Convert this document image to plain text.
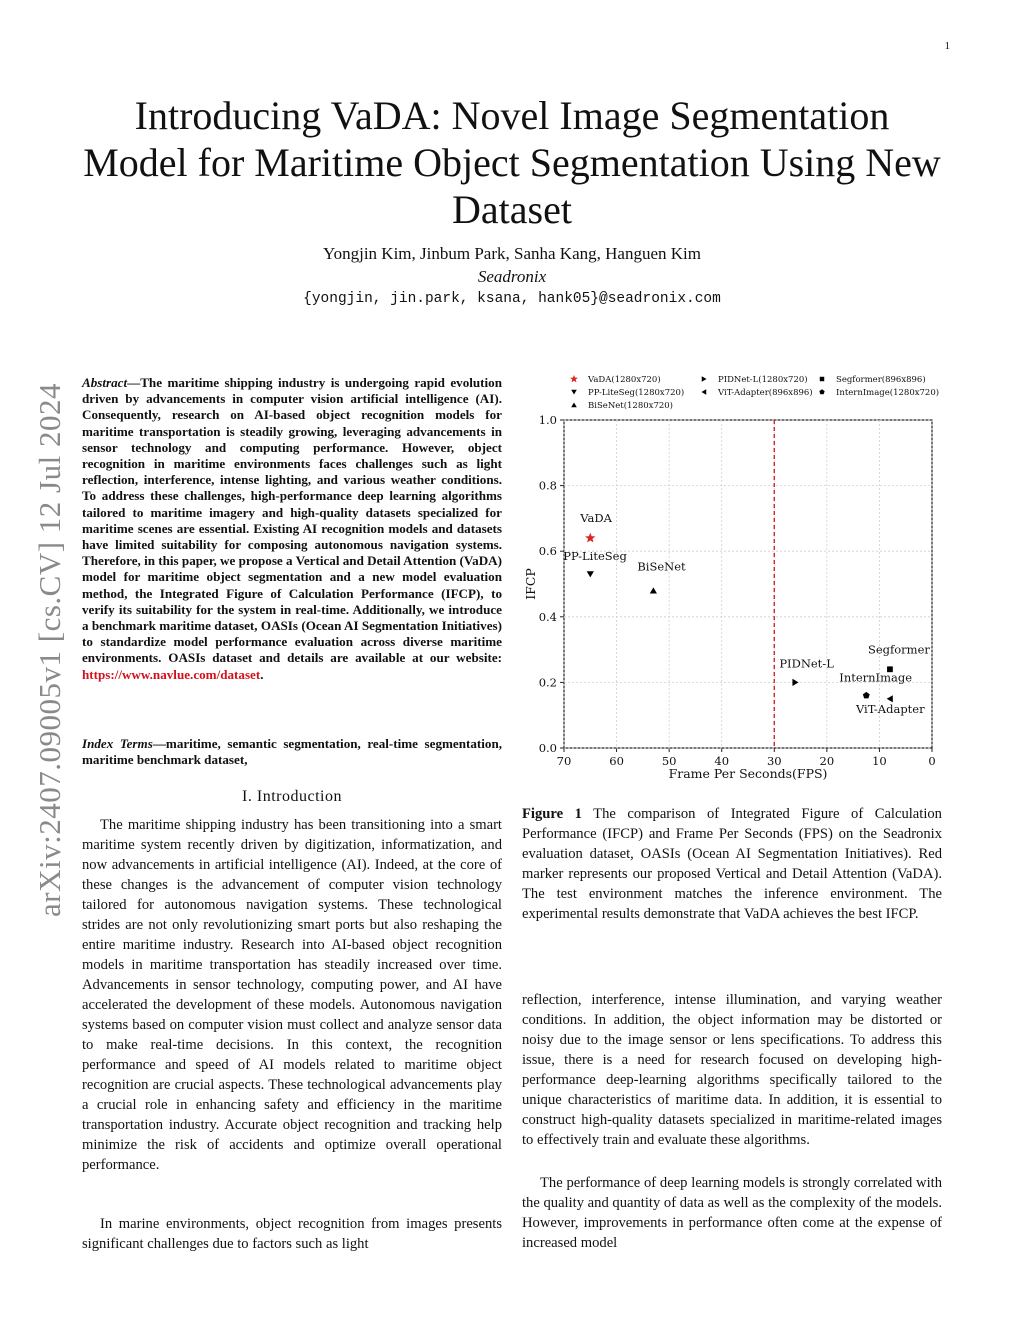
1
arXiv:2407.09005v1 [cs.CV] 12 Jul 2024
Introducing VaDA: Novel Image Segmentation Model for Maritime Object Segmentation Using New Dataset
Yongjin Kim, Jinbum Park, Sanha Kang, Hanguen Kim
Seadronix
{yongjin, jin.park, ksana, hank05}@seadronix.com
Abstract—The maritime shipping industry is undergoing rapid evolution driven by advancements in computer vision artificial intelligence (AI). Consequently, research on AI-based object recognition models for maritime transportation is steadily growing, leveraging advancements in sensor technology and computing performance. However, object recognition in maritime environments faces challenges such as light reflection, interference, intense lighting, and various weather conditions. To address these challenges, high-performance deep learning algorithms tailored to maritime imagery and high-quality datasets specialized for maritime scenes are essential. Existing AI recognition models and datasets have limited suitability for composing autonomous navigation systems. Therefore, in this paper, we propose a Vertical and Detail Attention (VaDA) model for maritime object segmentation and a new model evaluation method, the Integrated Figure of Calculation Performance (IFCP), to verify its suitability for the system in real-time. Additionally, we introduce a benchmark maritime dataset, OASIs (Ocean AI Segmentation Initiatives) to standardize model performance evaluation across diverse maritime environments. OASIs dataset and details are available at our website: https://www.navlue.com/dataset.
Index Terms—maritime, semantic segmentation, real-time segmentation, maritime benchmark dataset,
I. Introduction

The maritime shipping industry has been transitioning into a smart maritime system recently driven by digitization, informatization, and now advancements in artificial intelligence (AI). Indeed, at the core of these changes is the advancement of computer vision technology tailored for autonomous navigation systems. These technological strides are not only revolutionizing smart ports but also reshaping the entire maritime industry. Research into AI-based object recognition models in maritime transportation has steadily increased over time. Advancements in sensor technology, computing power, and AI have accelerated the development of these models. Autonomous navigation systems based on computer vision must collect and analyze sensor data to make real-time decisions. In this context, the recognition performance and speed of AI models related to maritime object recognition are crucial aspects. These technological advancements play a crucial role in enhancing safety and efficiency in the maritime transportation industry. Accurate object recognition and tracking help minimize the risk of accidents and optimize overall operational performance.

In marine environments, object recognition from images presents significant challenges due to factors such as light

VaDA(1280x720)
PP-LiteSeg(1280x720)
BiSeNet(1280x720)
PIDNet-L(1280x720)
ViT-Adapter(896x896)
Segformer(896x896)
InternImage(1280x720)
70	60	50	40	30	20	10	0
0.0
0.2
0.4
0.6
0.8
1.0
Frame Per Seconds(FPS)
IFCP
VaDA
PP-LiteSeg
BiSeNet
PIDNet-L
ViT-Adapter
Segformer
InternImage
Figure 1 The comparison of Integrated Figure of Calculation Performance (IFCP) and Frame Per Seconds (FPS) on the Seadronix evaluation dataset, OASIs (Ocean AI Segmentation Initiatives). Red marker represents our proposed Vertical and Detail Attention (VaDA). The test environment matches the inference environment. The experimental results demonstrate that VaDA achieves the best IFCP.

reflection, interference, intense illumination, and varying weather conditions. In addition, the object information may be distorted or noisy due to the image sensor or lens specifications. To address this issue, there is a need for research focused on developing high-performance deep-learning algorithms specifically tailored to the unique characteristics of maritime data. In addition, it is essential to construct high-quality datasets specialized in maritime-related images to effectively train and evaluate these algorithms.

The performance of deep learning models is strongly correlated with the quality and quantity of data as well as the complexity of the models. However, improvements in performance often come at the expense of increased model
